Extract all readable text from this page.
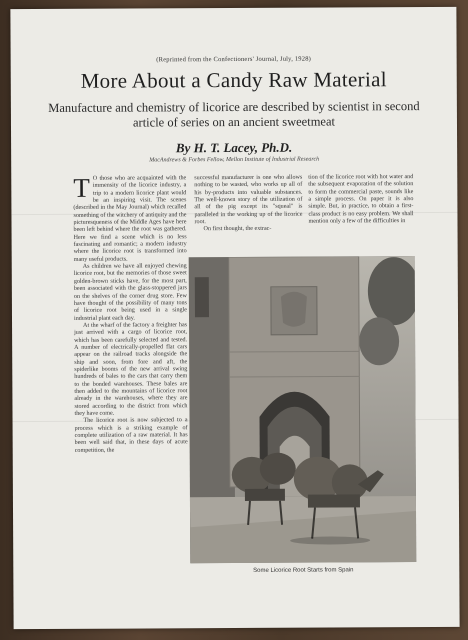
(Reprinted from the Confectioners' Journal, July, 1928)
More About a Candy Raw Material
Manufacture and chemistry of licorice are described by scientist in second article of series on an ancient sweetmeat
By H. T. Lacey, Ph.D.
MacAndrews & Forbes Fellow, Mellon Institute of Industrial Research

T O those who are acquainted with the immensity of the licorice industry, a trip to a modern licorice plant would be an inspiring visit. The scenes (described in the May Journal) which recalled something of the witchery of antiquity and the picturesqueness of the Middle Ages have here been left behind where the root was gathered. Here we find a scene which is no less fascinating and romantic; a modern industry where the licorice root is transformed into many useful products.

As children we have all enjoyed chewing licorice root, but the memories of those sweet golden-brown sticks have, for the most part, been associated with the glass-stoppered jars on the shelves of the corner drug store. Few have thought of the possibility of many tons of licorice root being used in a single industrial plant each day.

At the wharf of the factory a freighter has just arrived with a cargo of licorice root, which has been carefully selected and tested. A number of electrically-propelled flat cars appear on the railroad tracks alongside the ship and soon, from fore and aft, the spiderlike booms of the new arrival swing hundreds of bales to the cars that carry them to the bonded warehouses. These bales are then added to the mountains of licorice root already in the warehouses, where they are stored according to the district from which they have come.

The licorice root is now subjected to a process which is a striking example of complete utilization of a raw material. It has been well said that, in these days of acute competition, the

successful manufacturer is one who allows nothing to be wasted, who works up all of his by-products into valuable substances. The well-known story of the utilization of all of the pig except its "squeal" is paralleled in the working up of the licorice root.

On first thought, the extrac-

tion of the licorice root with hot water and the subsequent evaporation of the solution to form the commercial paste, sounds like a simple process. On paper it is also simple. But, in practice, to obtain a first-class product is no easy problem. We shall mention only a few of the difficulties in

Some Licorice Root Starts from Spain
